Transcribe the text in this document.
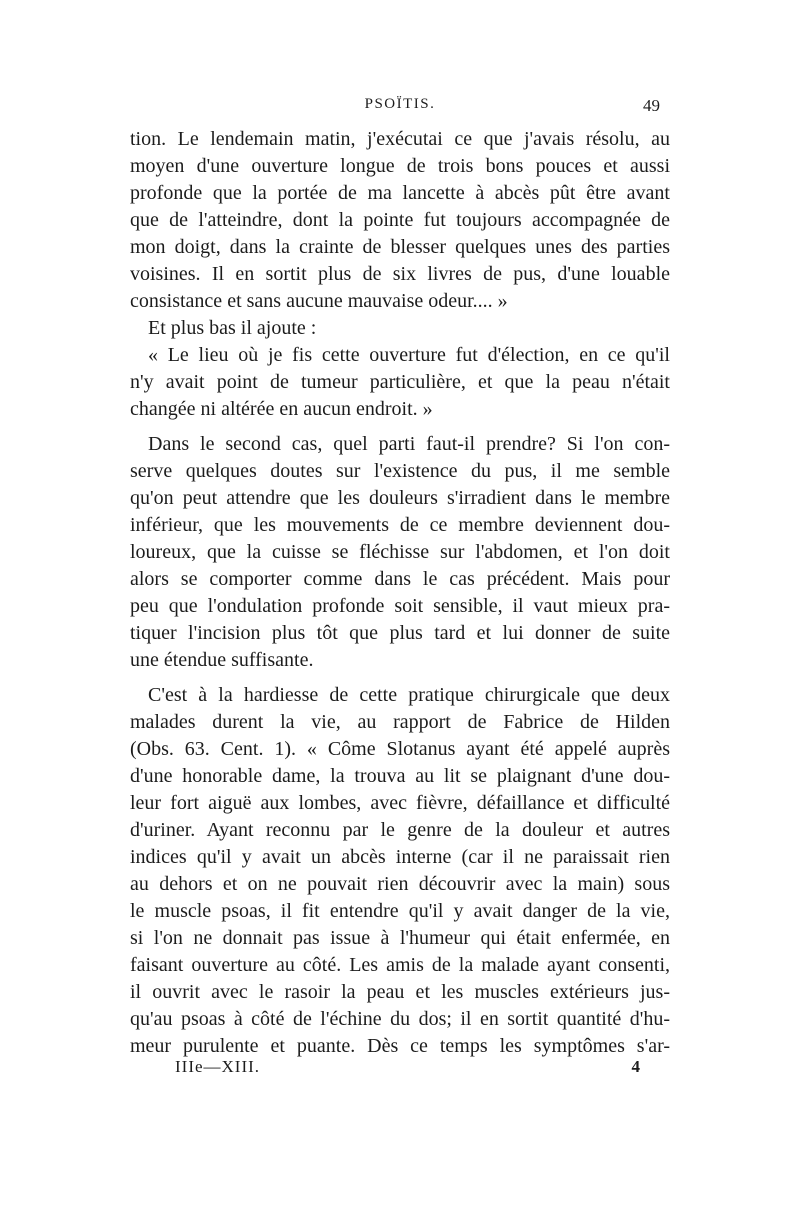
PSOÏTIS.	49
tion. Le lendemain matin, j'exécutai ce que j'avais résolu, au
moyen d'une ouverture longue de trois bons pouces et aussi
profonde que la portée de ma lancette à abcès pût être avant
que de l'atteindre, dont la pointe fut toujours accompagnée de
mon doigt, dans la crainte de blesser quelques unes des parties
voisines. Il en sortit plus de six livres de pus, d'une louable
consistance et sans aucune mauvaise odeur.... »
Et plus bas il ajoute :
« Le lieu où je fis cette ouverture fut d'élection, en ce qu'il
n'y avait point de tumeur particulière, et que la peau n'était
changée ni altérée en aucun endroit. »
Dans le second cas, quel parti faut-il prendre? Si l'on con-
serve quelques doutes sur l'existence du pus, il me semble
qu'on peut attendre que les douleurs s'irradient dans le membre
inférieur, que les mouvements de ce membre deviennent dou-
loureux, que la cuisse se fléchisse sur l'abdomen, et l'on doit
alors se comporter comme dans le cas précédent. Mais pour
peu que l'ondulation profonde soit sensible, il vaut mieux pra-
tiquer l'incision plus tôt que plus tard et lui donner de suite
une étendue suffisante.
C'est à la hardiesse de cette pratique chirurgicale que deux
malades durent la vie, au rapport de Fabrice de Hilden
(Obs. 63. Cent. 1). « Côme Slotanus ayant été appelé auprès
d'une honorable dame, la trouva au lit se plaignant d'une dou-
leur fort aiguë aux lombes, avec fièvre, défaillance et difficulté
d'uriner. Ayant reconnu par le genre de la douleur et autres
indices qu'il y avait un abcès interne (car il ne paraissait rien
au dehors et on ne pouvait rien découvrir avec la main) sous
le muscle psoas, il fit entendre qu'il y avait danger de la vie,
si l'on ne donnait pas issue à l'humeur qui était enfermée, en
faisant ouverture au côté. Les amis de la malade ayant consenti,
il ouvrit avec le rasoir la peau et les muscles extérieurs jus-
qu'au psoas à côté de l'échine du dos; il en sortit quantité d'hu-
meur purulente et puante. Dès ce temps les symptômes s'ar-
IIIe—XIII.	4
